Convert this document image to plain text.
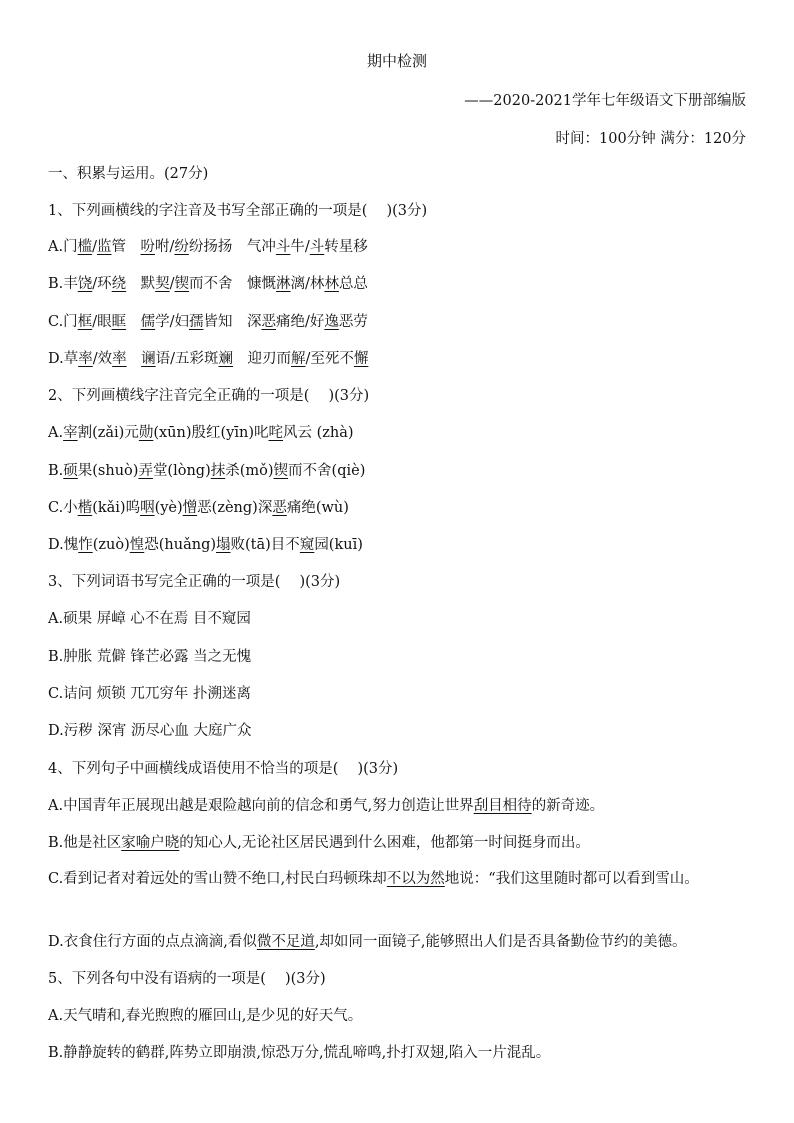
期中检测
——2020-2021学年七年级语文下册部编版
时间：100分钟 满分：120分
一、积累与运用。(27分)
1、下列画横线的字注音及书写全部正确的一项是(　 )(3分)
A.门槛/监管　吩咐/纷纷扬扬　气冲斗牛/斗转星移
B.丰饶/环绕　默契/锲而不舍　慷慨淋漓/林林总总
C.门框/眼眶　 儒学/妇孺皆知　深恶痛绝/好逸恶劳
D.草率/效率　 谰语/五彩斑斓　迎刃而解/至死不懈
2、下列画横线字注音完全正确的一项是(　 )(3分)
A.宰割(zǎi)元勋(xūn)殷红(yīn)叱咤风云 (zhà)
B.硕果(shuò)弄堂(lòng)抹杀(mǒ)锲而不舍(qiè)
C.小楷(kǎi)呜咽(yè)憎恶(zèng)深恶痛绝(wù)
D.愧怍(zuò)惶恐(huǎng)塌败(tā)目不窥园(kuī)
3、下列词语书写完全正确的一项是(　 )(3分)
A.硕果 屏嶂 心不在焉 目不窥园
B.肿胀 荒僻 锋芒必露 当之无愧
C.诘问 烦锁 兀兀穷年 扑溯迷离
D.污秽 深宵 沥尽心血 大庭广众
4、下列句子中画横线成语使用不恰当的项是(　 )(3分)
A.中国青年正展现出越是艰险越向前的信念和勇气,努力创造让世界刮目相待的新奇迹。
B.他是社区家喻户晓的知心人,无论社区居民遇到什么困难，他都第一时间挺身而出。
C.看到记者对着远处的雪山赞不绝口,村民白玛顿珠却不以为然地说：“我们这里随时都可以看到雪山。
D.衣食住行方面的点点滴滴,看似微不足道,却如同一面镜子,能够照出人们是否具备勤俭节约的美德。
5、下列各句中没有语病的一项是(　 )(3分)
A.天气晴和,春光煦煦的雁回山,是少见的好天气。
B.静静旋转的鹤群,阵势立即崩溃,惊恐万分,慌乱啼鸣,扑打双翅,陷入一片混乱。
